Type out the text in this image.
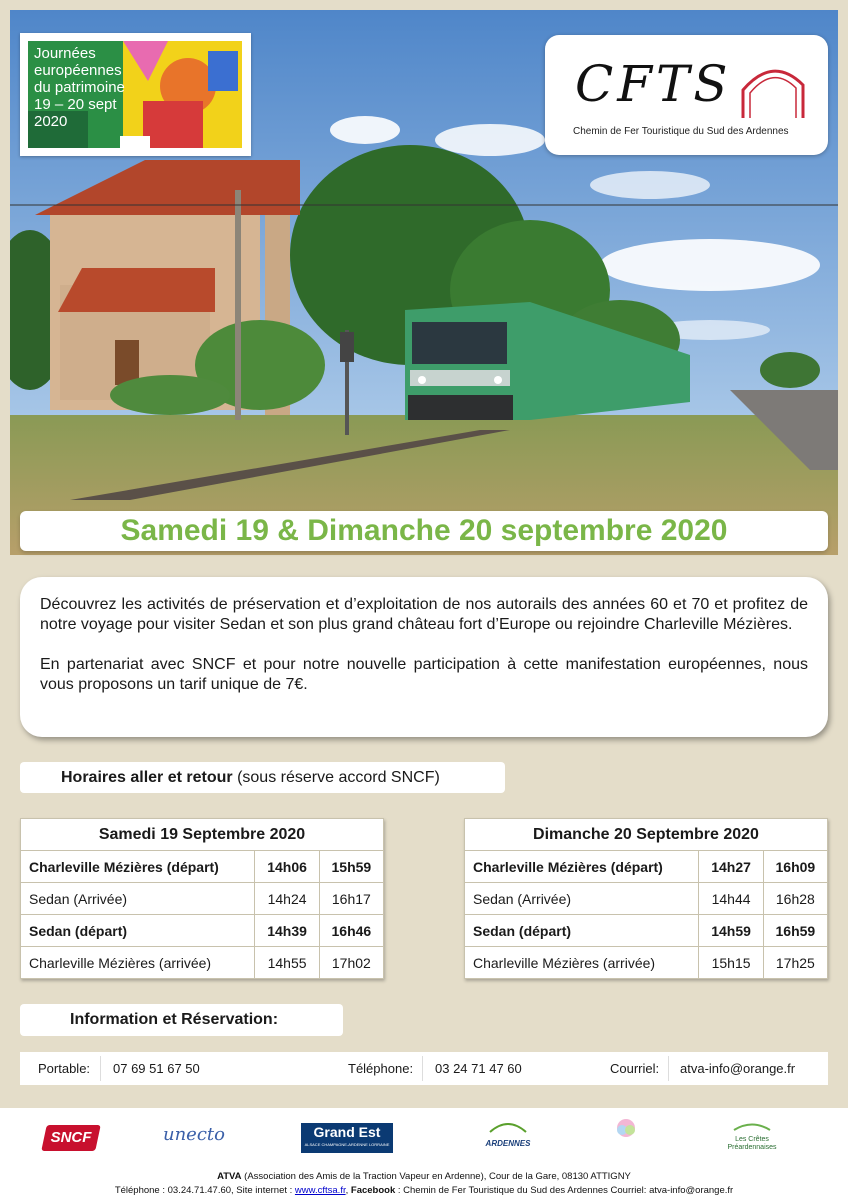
Journées
européennes
du patrimoine
19 – 20 sept
2020
CFTS
Chemin de Fer Touristique du Sud des Ardennes
Samedi 19 & Dimanche 20 septembre 2020

Découvrez les activités de préservation et d’exploitation de nos autorails des années 60 et 70 et profitez de notre voyage pour visiter Sedan et son plus grand château fort d’Europe ou rejoindre Charleville Mézières.

En partenariat avec SNCF et pour notre nouvelle participation à cette manifestation européennes, nous vous proposons un tarif unique de 7€.

Horaires aller et retour (sous réserve accord SNCF)
Samedi 19 Septembre 2020		
Charleville Mézières (départ)	14h06	15h59
Sedan (Arrivée)	14h24	16h17
Sedan (départ)	14h39	16h46
Charleville Mézières (arrivée)	14h55	17h02
Dimanche 20 Septembre 2020		
Charleville Mézières (départ)	14h27	16h09
Sedan (Arrivée)	14h44	16h28
Sedan (départ)	14h59	16h59
Charleville Mézières (arrivée)	15h15	17h25
Information et Réservation:
Portable: 07 69 51 67 50	Téléphone: 03 24 71 47 60	Courriel: atva-info@orange.fr
SNCF	unecto	Grand Est
ALSACE CHAMPAGNE-ARDENNE LORRAINE	ARDENNES	Les Crêtes Préardennaises
ATVA (Association des Amis de la Traction Vapeur en Ardenne), Cour de la Gare, 08130 ATTIGNY
Téléphone : 03.24.71.47.60, Site internet : www.cftsa.fr, Facebook : Chemin de Fer Touristique du Sud des Ardennes Courriel: atva-info@orange.fr
